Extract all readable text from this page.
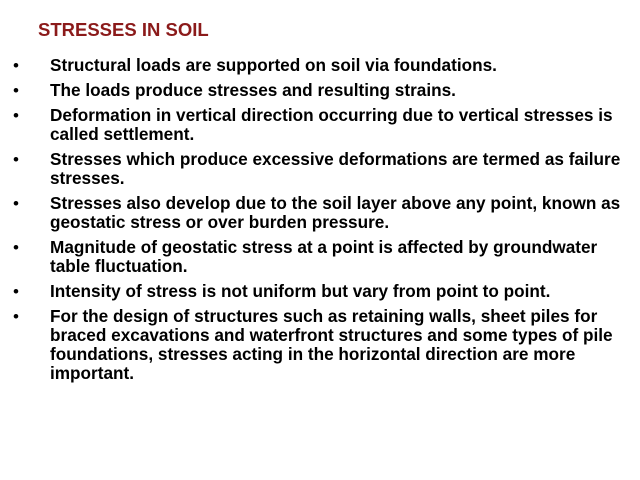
STRESSES IN SOIL
• Structural loads are supported on soil via foundations.
• The loads produce stresses and resulting strains.
• Deformation in vertical direction occurring due to vertical stresses is called settlement.
• Stresses which produce excessive deformations are termed as failure stresses.
• Stresses also develop due to the soil layer above any point, known as geostatic stress or over burden pressure.
• Magnitude of geostatic stress at a point is affected by groundwater table fluctuation.
• Intensity of stress is not uniform but vary from point to point.
• For the design of structures such as retaining walls, sheet piles for braced excavations and waterfront structures and some types of pile foundations, stresses acting in the horizontal direction are more important.
